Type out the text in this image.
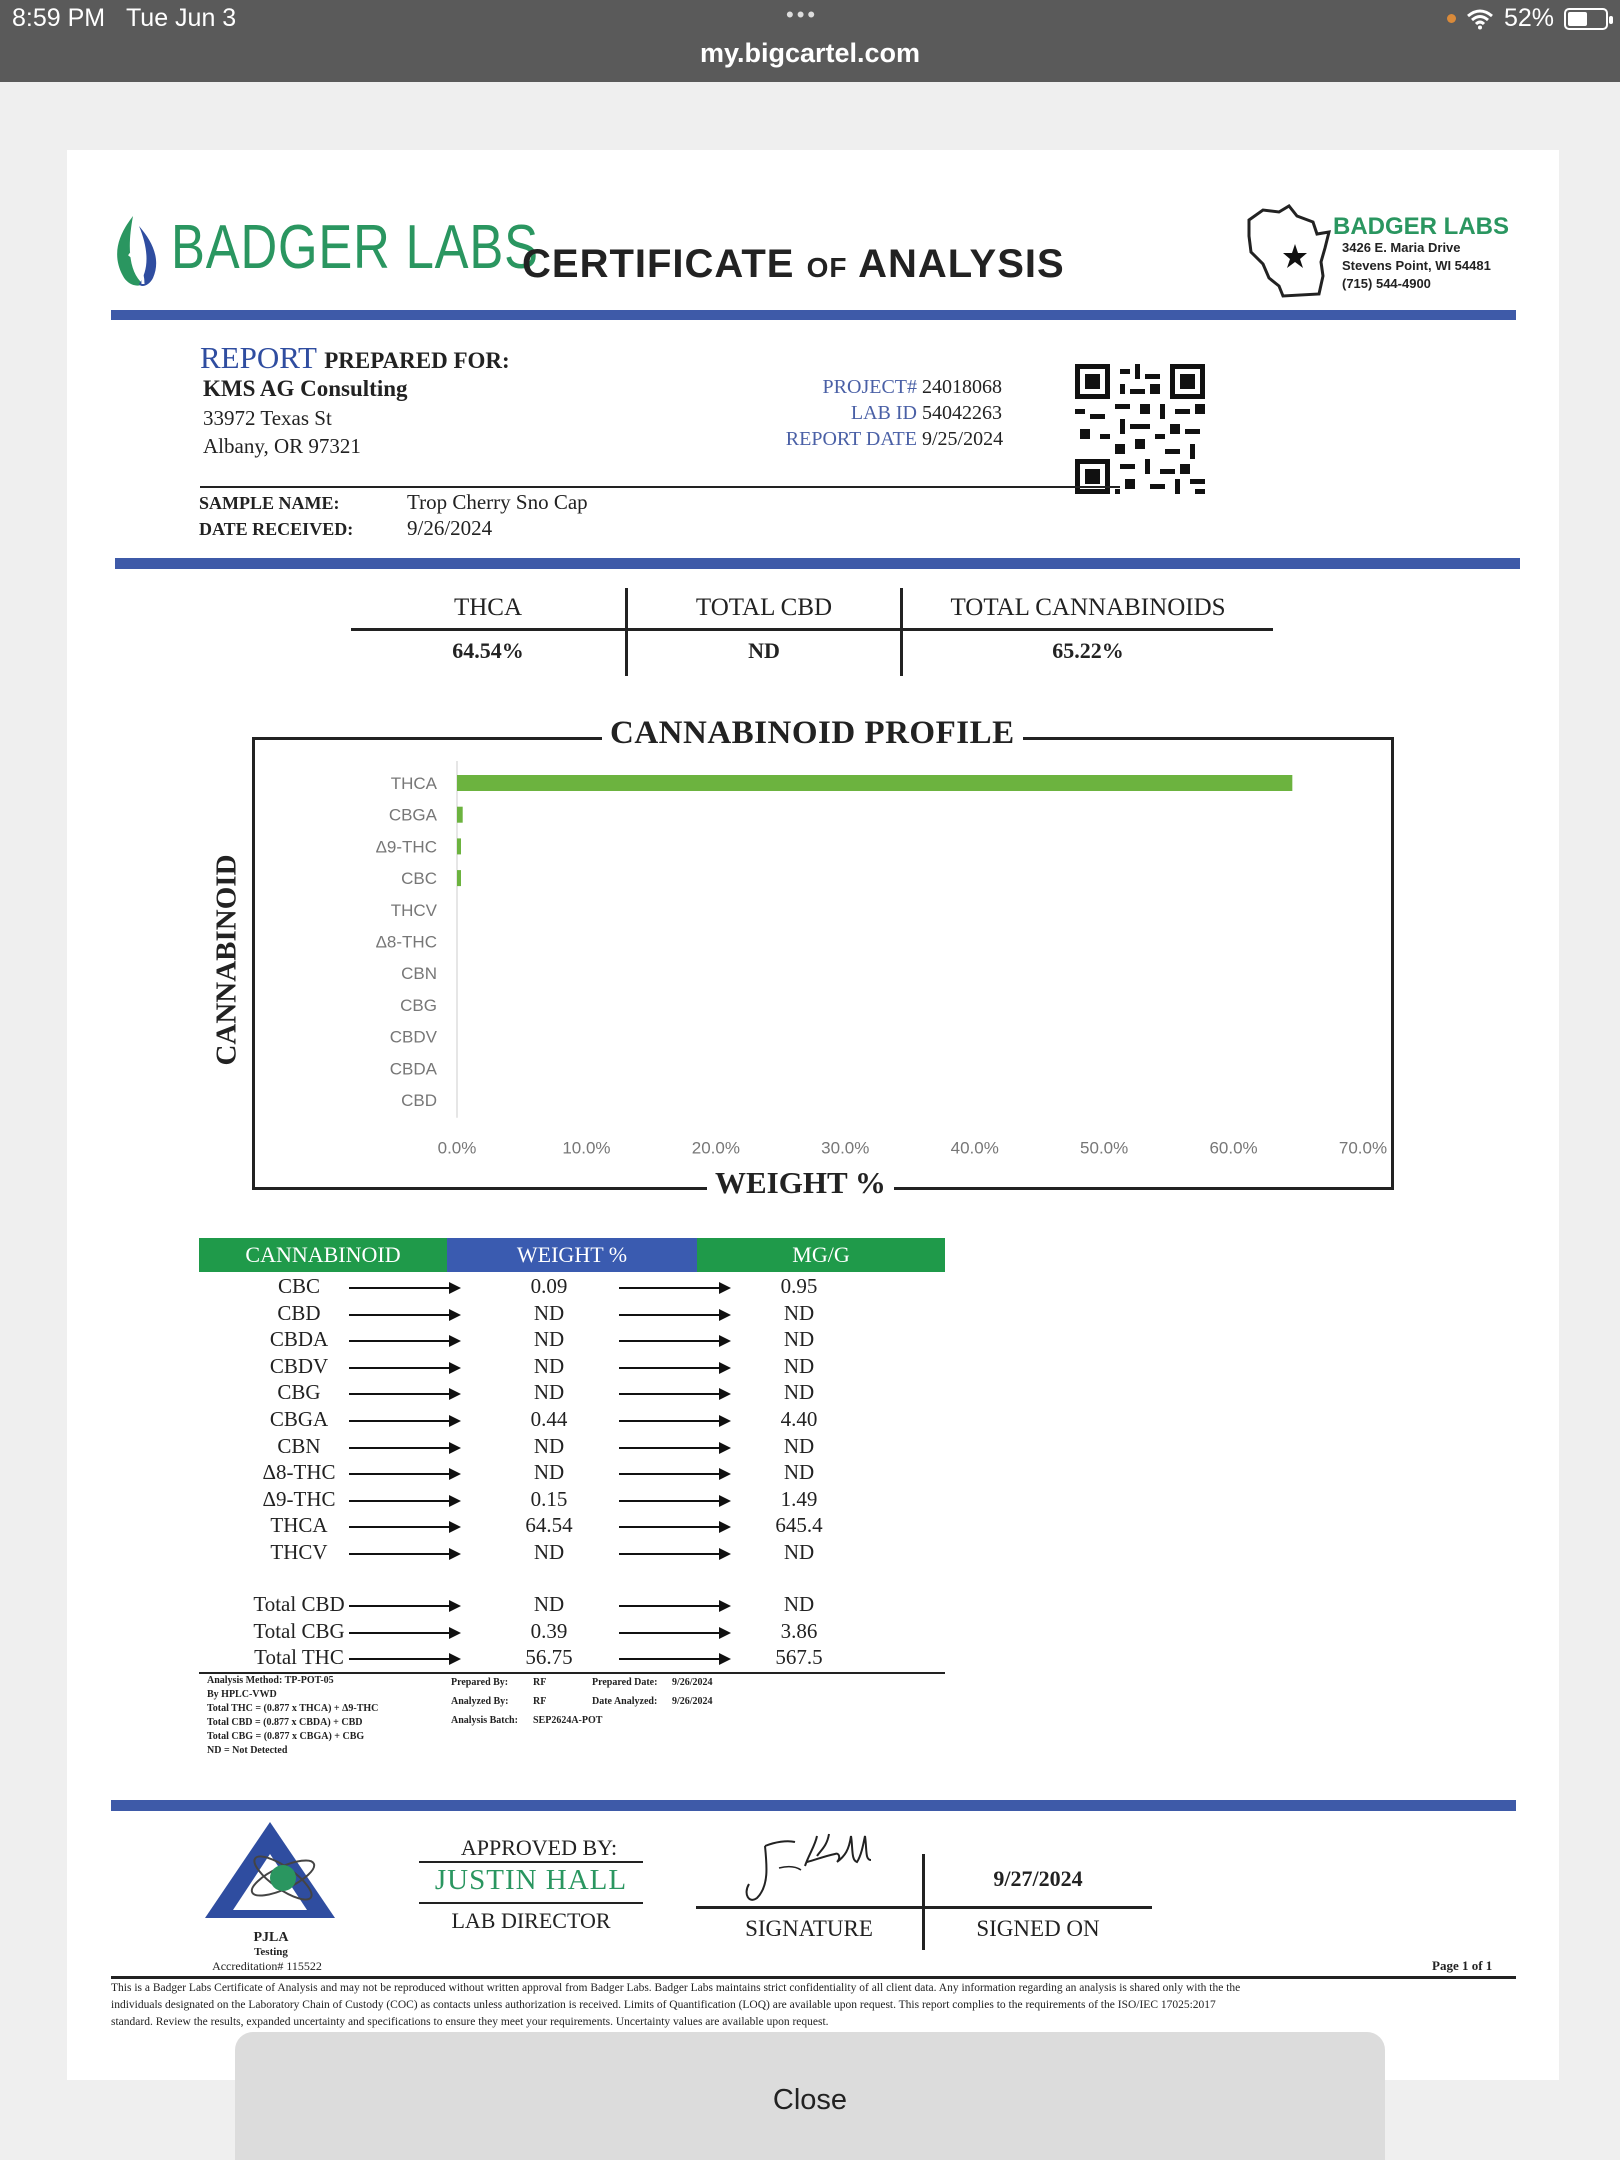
8:59 PM Tue Jun 3	•••
my.bigcartel.com
52%
BADGER LABS
CERTIFICATE OF ANALYSIS
BADGER LABS
3426 E. Maria Drive
Stevens Point, WI 54481
(715) 544-4900
REPORT PREPARED FOR:
KMS AG Consulting
33972 Texas St
Albany, OR 97321
PROJECT# 24018068
LAB ID 54042263
REPORT DATE 9/25/2024
SAMPLE NAME:	Trop Cherry Sno Cap
DATE RECEIVED:	9/26/2024
THCA
64.54%
TOTAL CBD
ND
TOTAL CANNABINOIDS
65.22%
THCA
CBGA
Δ9-THC
CBC
THCV
Δ8-THC
CBN
CBG
CBDV
CBDA
CBD
0.0%	10.0%	20.0%	30.0%	40.0%	50.0%	60.0%	70.0%
CANNABINOID PROFILE
WEIGHT %
CANNABINOID
CANNABINOID	WEIGHT %	MG/G
CBC	0.09	0.95
CBD	ND	ND
CBDA	ND	ND
CBDV	ND	ND
CBG	ND	ND
CBGA	0.44	4.40
CBN	ND	ND
Δ8-THC	ND	ND
Δ9-THC	0.15	1.49
THCA	64.54	645.4
THCV	ND	ND
Total CBD	ND	ND
Total CBG	0.39	3.86
Total THC	56.75	567.5
Analysis Method: TP-POT-05
By HPLC-VWD
Total THC = (0.877 x THCA) + Δ9-THC
Total CBD = (0.877 x CBDA) + CBD
Total CBG = (0.877 x CBGA) + CBG
ND = Not Detected
Prepared By: RF
Analyzed By: RF
Analysis Batch: SEP2624A-POT
Prepared Date: 9/26/2024
Date Analyzed: 9/26/2024
PJLA
Testing
Accreditation# 115522
APPROVED BY:
JUSTIN HALL
LAB DIRECTOR	SIGNATURE
9/27/2024
SIGNED ON
Page 1 of 1
This is a Badger Labs Certificate of Analysis and may not be reproduced without written approval from Badger Labs. Badger Labs maintains strict confidentiality of all client data. Any information regarding an analysis is shared only with the the
individuals designated on the Laboratory Chain of Custody (COC) as contacts unless authorization is received. Limits of Quantification (LOQ) are available upon request. This report complies to the requirements of the ISO/IEC 17025:2017
standard. Review the results, expanded uncertainty and specifications to ensure they meet your requirements. Uncertainty values are available upon request.
Close
